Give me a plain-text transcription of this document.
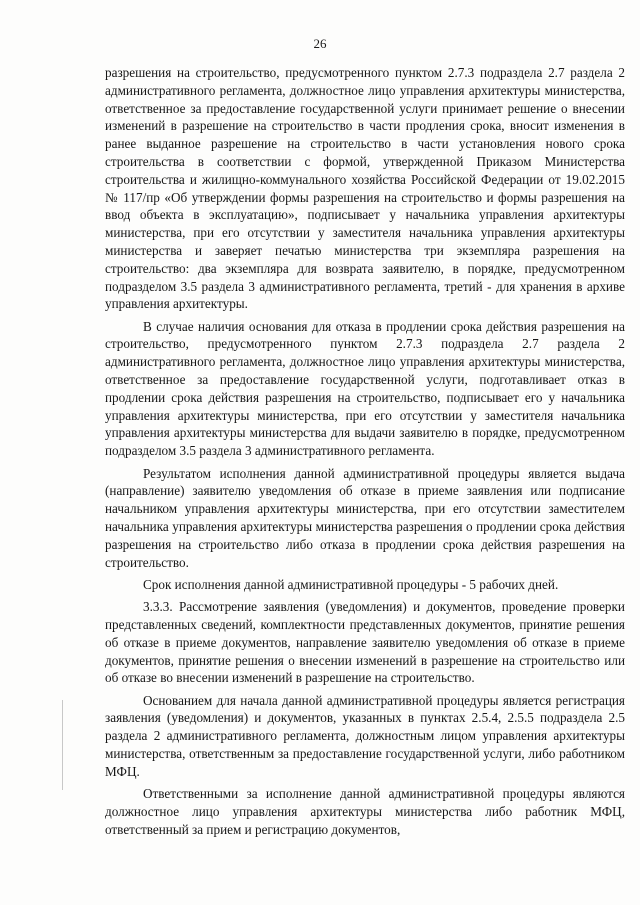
26

разрешения на строительство, предусмотренного пунктом 2.7.3 подраздела 2.7 раздела 2 административного регламента, должностное лицо управления архитектуры министерства, ответственное за предоставление государственной услуги принимает решение о внесении изменений в разрешение на строительство в части продления срока, вносит изменения в ранее выданное разрешение на строительство в части установления нового срока строительства в соответствии с формой, утвержденной Приказом Министерства строительства и жилищно-коммунального хозяйства Российской Федерации от 19.02.2015 № 117/пр «Об утверждении формы разрешения на строительство и формы разрешения на ввод объекта в эксплуатацию», подписывает у начальника управления архитектуры министерства, при его отсутствии у заместителя начальника управления архитектуры министерства и заверяет печатью министерства три экземпляра разрешения на строительство: два экземпляра для возврата заявителю, в порядке, предусмотренном подразделом 3.5 раздела 3 административного регламента, третий - для хранения в архиве управления архитектуры.

В случае наличия основания для отказа в продлении срока действия разрешения на строительство, предусмотренного пунктом 2.7.3 подраздела 2.7 раздела 2 административного регламента, должностное лицо управления архитектуры министерства, ответственное за предоставление государственной услуги, подготавливает отказ в продлении срока действия разрешения на строительство, подписывает его у начальника управления архитектуры министерства, при его отсутствии у заместителя начальника управления архитектуры министерства для выдачи заявителю в порядке, предусмотренном подразделом 3.5 раздела 3 административного регламента.

Результатом исполнения данной административной процедуры является выдача (направление) заявителю уведомления об отказе в приеме заявления или подписание начальником управления архитектуры министерства, при его отсутствии заместителем начальника управления архитектуры министерства разрешения о продлении срока действия разрешения на строительство либо отказа в продлении срока действия разрешения на строительство.

Срок исполнения данной административной процедуры - 5 рабочих дней.

3.3.3. Рассмотрение заявления (уведомления) и документов, проведение проверки представленных сведений, комплектности представленных документов, принятие решения об отказе в приеме документов, направление заявителю уведомления об отказе в приеме документов, принятие решения о внесении изменений в разрешение на строительство или об отказе во внесении изменений в разрешение на строительство.

Основанием для начала данной административной процедуры является регистрация заявления (уведомления) и документов, указанных в пунктах 2.5.4, 2.5.5 подраздела 2.5 раздела 2 административного регламента, должностным лицом управления архитектуры министерства, ответственным за предоставление государственной услуги, либо работником МФЦ.

Ответственными за исполнение данной административной процедуры являются должностное лицо управления архитектуры министерства либо работник МФЦ, ответственный за прием и регистрацию документов,
